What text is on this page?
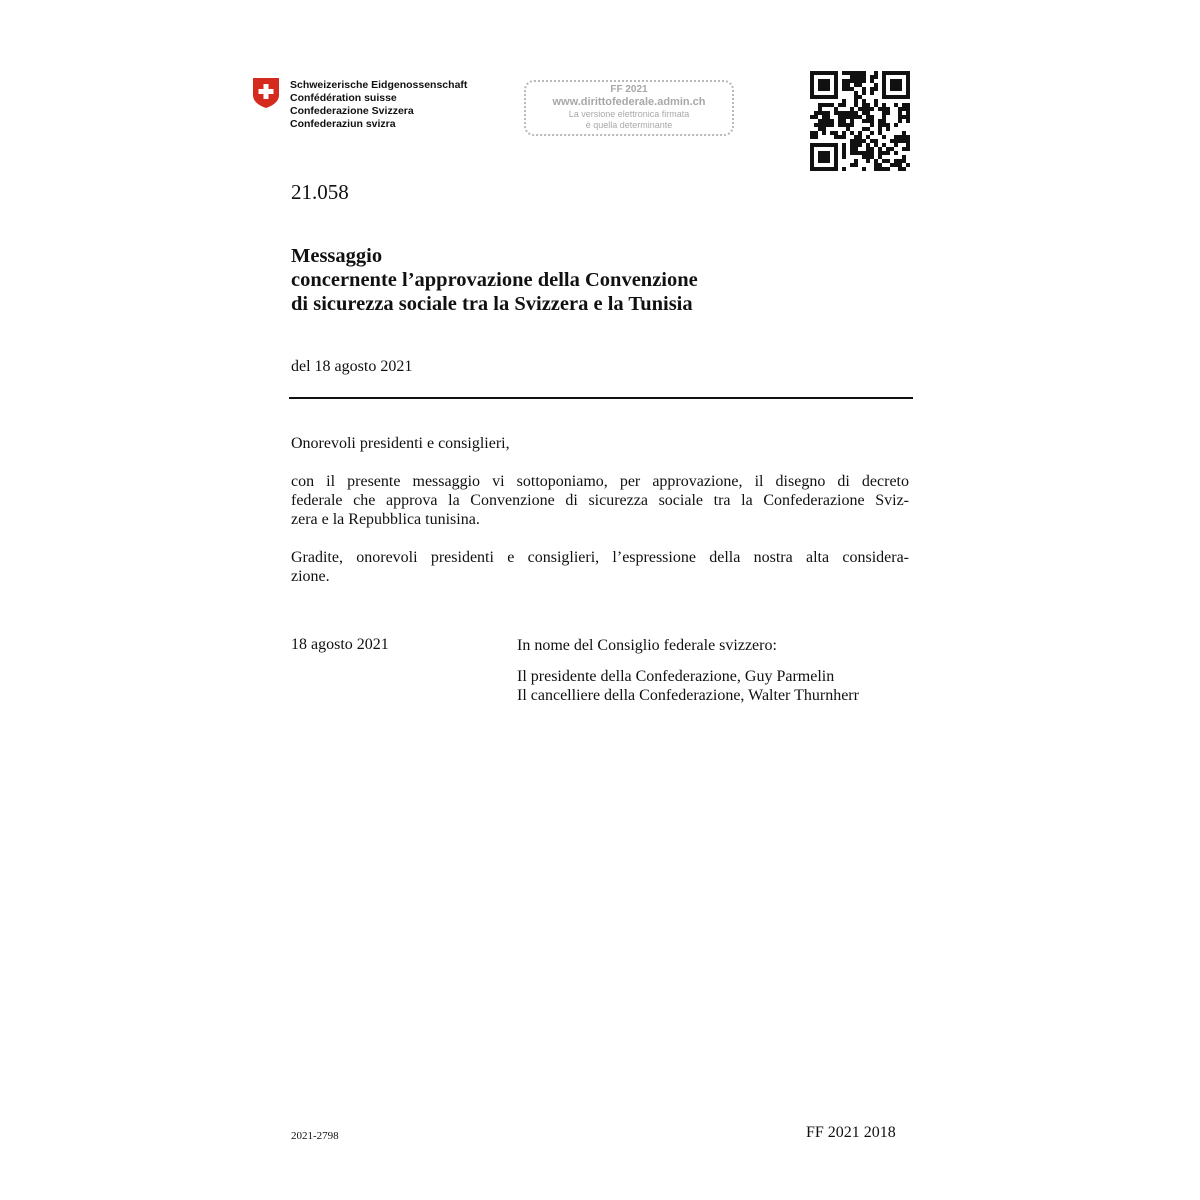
Schweizerische Eidgenossenschaft
Confédération suisse
Confederazione Svizzera
Confederaziun svizra
FF 2021
www.dirittofederale.admin.ch
La versione elettronica firmata
è quella determinante
21.058
Messaggio
concernente l’approvazione della Convenzione
di sicurezza sociale tra la Svizzera e la Tunisia
del 18 agosto 2021
Onorevoli presidenti e consiglieri,
con il presente messaggio vi sottoponiamo, per approvazione, il disegno di decreto
federale che approva la Convenzione di sicurezza sociale tra la Confederazione Sviz-
zera e la Repubblica tunisina.
Gradite, onorevoli presidenti e consiglieri, l’espressione della nostra alta considera-
zione.
18 agosto 2021	In nome del Consiglio federale svizzero:
Il presidente della Confederazione, Guy Parmelin
Il cancelliere della Confederazione, Walter Thurnherr
2021-2798	FF 2021 2018
